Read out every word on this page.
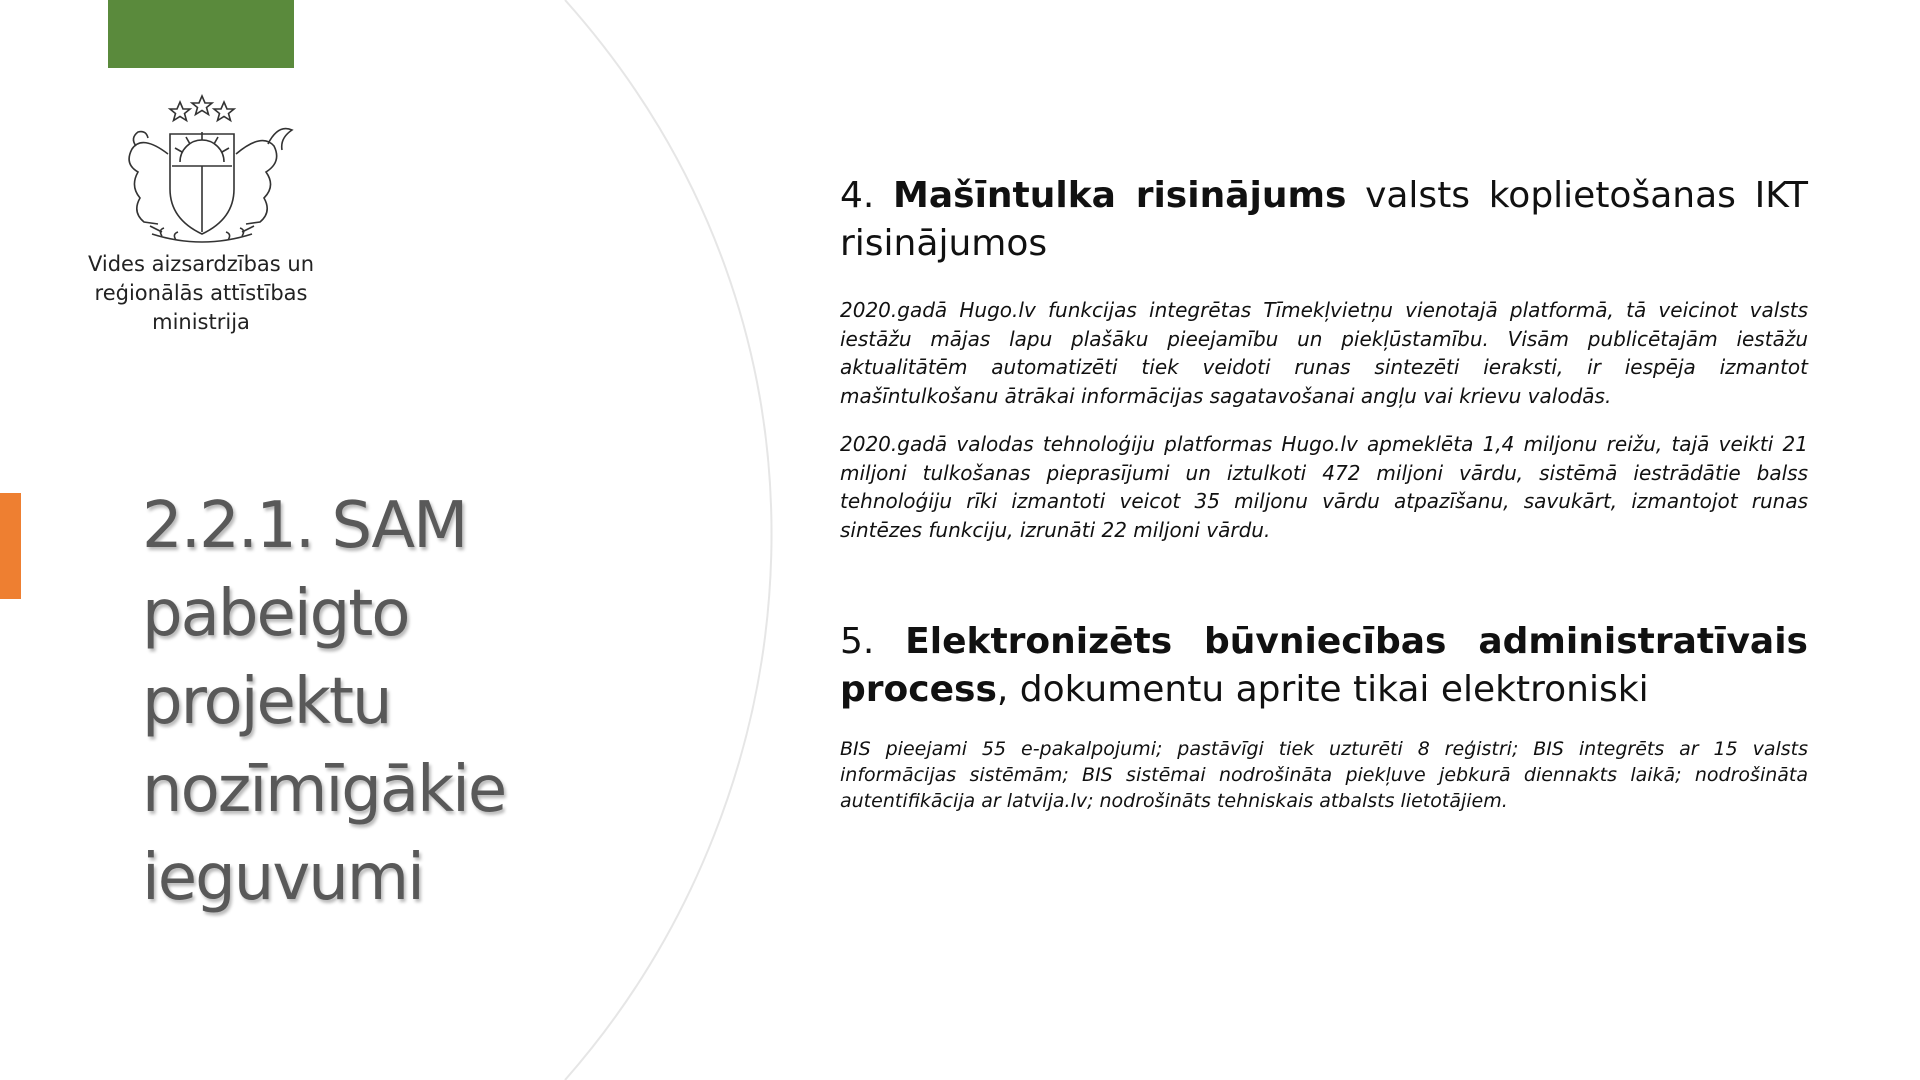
Vides aizsardzības un
reģionālās attīstības
ministrija
2.2.1. SAM
pabeigto
projektu
nozīmīgākie
ieguvumi

4. Mašīntulka risinājums valsts koplietošanas IKT risinājumos

2020.gadā Hugo.lv funkcijas integrētas Tīmekļvietņu vienotajā platformā, tā veicinot valsts iestāžu mājas lapu plašāku pieejamību un piekļūstamību. Visām publicētajām iestāžu aktualitātēm automatizēti tiek veidoti runas sintezēti ieraksti, ir iespēja izmantot mašīntulkošanu ātrākai informācijas sagatavošanai angļu vai krievu valodās.

2020.gadā valodas tehnoloģiju platformas Hugo.lv apmeklēta 1,4 miljonu reižu, tajā veikti 21 miljoni tulkošanas pieprasījumi un iztulkoti 472 miljoni vārdu, sistēmā iestrādātie balss tehnoloģiju rīki izmantoti veicot 35 miljonu vārdu atpazīšanu, savukārt, izmantojot runas sintēzes funkciju, izrunāti 22 miljoni vārdu.

5. Elektronizēts būvniecības administratīvais process, dokumentu aprite tikai elektroniski

BIS pieejami 55 e-pakalpojumi; pastāvīgi tiek uzturēti 8 reģistri; BIS integrēts ar 15 valsts informācijas sistēmām; BIS sistēmai nodrošināta piekļuve jebkurā diennakts laikā; nodrošināta autentifikācija ar latvija.lv; nodrošināts tehniskais atbalsts lietotājiem.
